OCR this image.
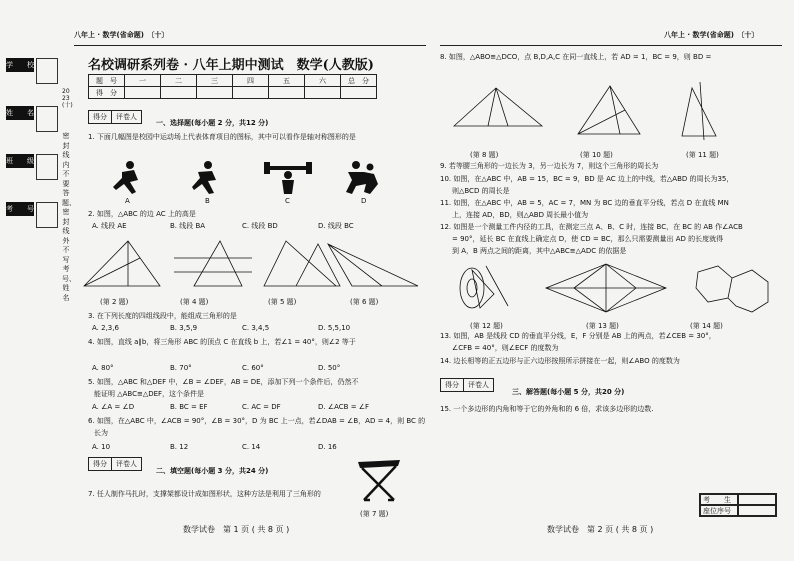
八年上 · 数学(省命题)　〔十〕	八年上 · 数学(省命题)　〔十〕
学　　校
姓　　名
班　　级
考　　号
2023(十)
密封线内不要答题、密封线外不写考号、姓名
名校调研系列卷 · 八年上期中测试　数学(人教版)
题　号	一	二	三	四	五	六	总　分
得　分							
得分	评卷人
一、选择题(每小题 2 分，共12 分)
1. 下面几幅图是校园中运动场上代表体育项目的图标，其中可以看作是轴对称图形的是
A	B	C	D
2. 如图，△ABC 的边 AC 上的高是
A. 线段 AE	B. 线段 BA	C. 线段 BD	D. 线段 BC
(第 2 题)	(第 4 题)	(第 5 题)	(第 6 题)
3. 在下列长度的四组线段中，能组成三角形的是
A. 2,3,6	B. 3,5,9	C. 3,4,5	D. 5,5,10
4. 如图，直线 a∥b，将三角形 ABC 的顶点 C 在直线 b 上，若∠1 = 40°，则∠2 等于
A. 80°	B. 70°	C. 60°	D. 50°
5. 如图，△ABC 和△DEF 中，∠B = ∠DEF，AB = DE，添加下列一个条件后，仍然不
能证明 △ABC≌△DEF，这个条件是
A. ∠A = ∠D	B. BC = EF	C. AC = DF	D. ∠ACB = ∠F
6. 如图，在△ABC 中，∠ACB = 90°，∠B = 30°，D 为 BC 上一点，若∠DAB = ∠B，AD = 4，则 BC 的
长为
A. 10	B. 12	C. 14	D. 16
得分	评卷人
二、填空题(每小题 3 分，共24 分)
7. 任人制作马扎时，支撑架都设计成如图形状，这种方法是利用了三角形的
(第 7 题)
数学试卷　第 1 页 ( 共 8 页 )
8. 如图，△ABO≌△DCO，点 B,D,A,C 在同一直线上，若 AD = 1，BC = 9，则 BD =
(第 8 题)	(第 10 题)	(第 11 题)
9. 若等腰三角形的一边长为 3，另一边长为 7，则这个三角形的周长为
10. 如图，在△ABC 中，AB = 15，BC = 9，BD 是 AC 边上的中线，若△ABD 的周长为35，
则△BCD 的周长是
11. 如图，在△ABC 中，AB = 5，AC = 7，MN 为 BC 边的垂直平分线，若点 D 在直线 MN
上，连接 AD，BD，则△ABD 周长最小值为
12. 如图是一个测量工件内径的工具，在测定三点 A、B、C 时，连接 BC，在 BC 的 AB 作∠ACB
= 90°，延长 BC 在直线上确定点 D，使 CD = BC，那么只需要测量出 AD 的长度就得
到 A，B 两点之间的距离，其中△ABC≌△ADC 的依据是
(第 12 题)	(第 13 题)	(第 14 题)
13. 如图，AB 是线段 CD 的垂直平分线，E，F 分别是 AB 上的两点，若∠CEB = 30°，
∠CFB = 40°，则∠ECF 的度数为
14. 边长相等的正五边形与正六边形按照所示拼接在一起，则∠ABO 的度数为
得分	评卷人
三、解答题(每小题 5 分，共20 分)
15. 一个多边形的内角和等于它的外角和的 6 倍，求该多边形的边数.
考　　生
座位序号
数学试卷　第 2 页 ( 共 8 页 )
